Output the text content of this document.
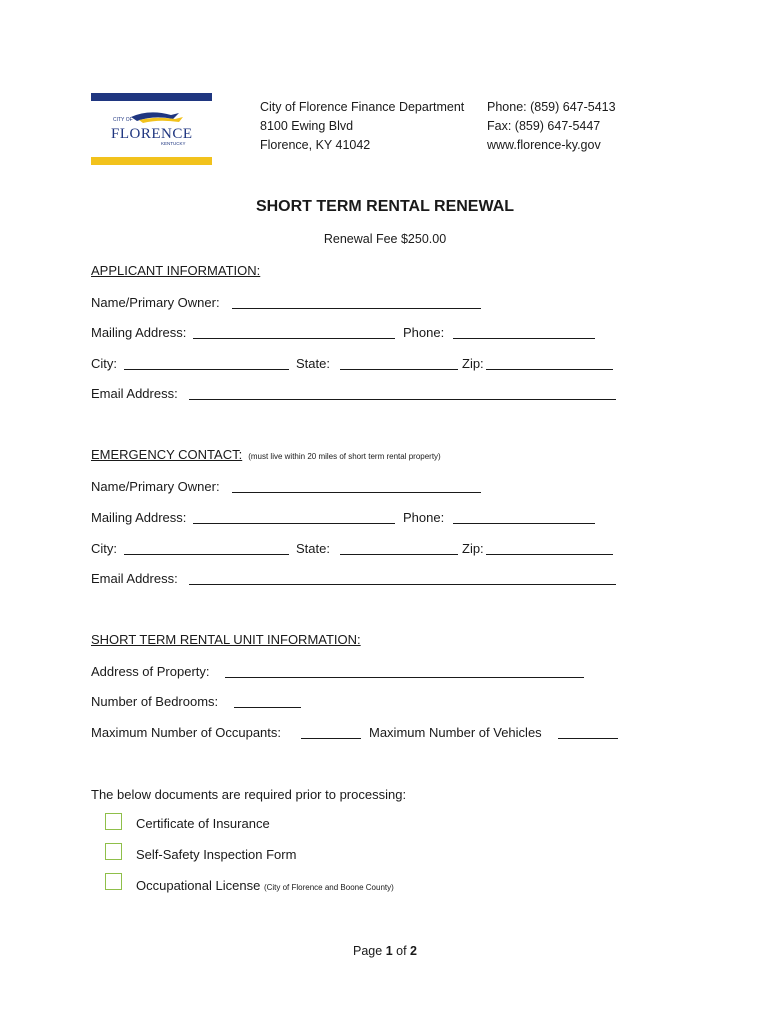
CITY OF
FLORENCE
KENTUCKY
City of Florence Finance Department
8100 Ewing Blvd
Florence, KY 41042
Phone: (859) 647-5413
Fax: (859) 647-5447
www.florence-ky.gov
SHORT TERM RENTAL RENEWAL
Renewal Fee $250.00
APPLICANT INFORMATION:
Name/Primary Owner:
Mailing Address:	Phone:
City:	State:	Zip:
Email Address:
EMERGENCY CONTACT: (must live within 20 miles of short term rental property)
Name/Primary Owner:
Mailing Address:	Phone:
City:	State:	Zip:
Email Address:
SHORT TERM RENTAL UNIT INFORMATION:
Address of Property:
Number of Bedrooms:
Maximum Number of Occupants:	Maximum Number of Vehicles
The below documents are required prior to processing:
Certificate of Insurance
Self-Safety Inspection Form
Occupational License (City of Florence and Boone County)
Page 1 of 2
